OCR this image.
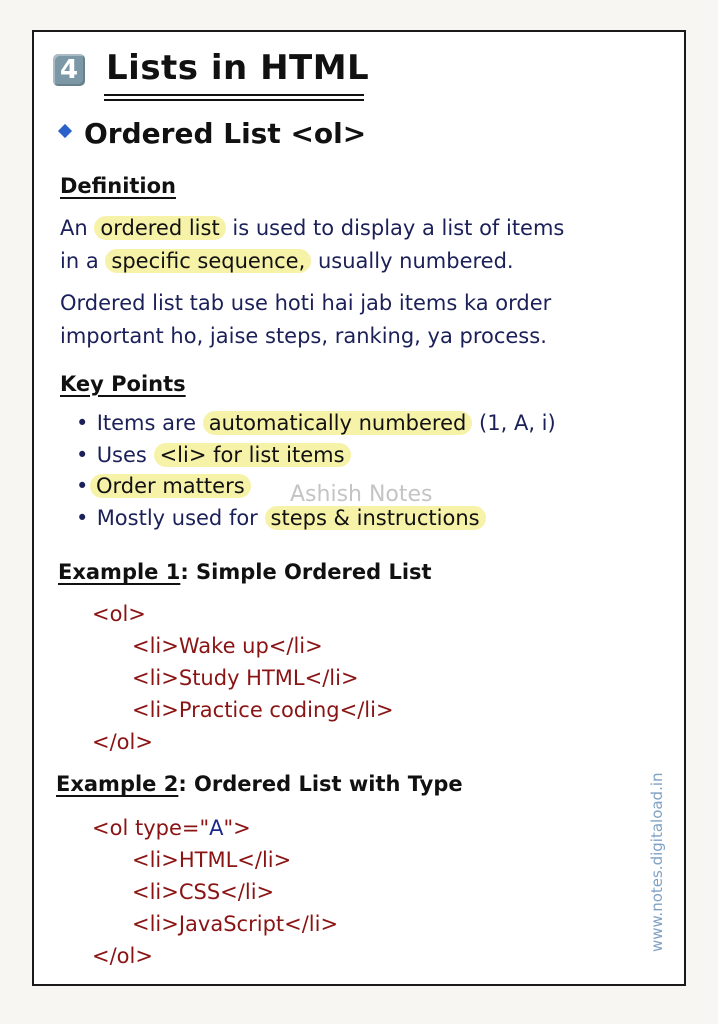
4 Lists in HTML
Ordered List <ol>
Definition
An ordered list is used to display a list of items
in a specific sequence, usually numbered.
Ordered list tab use hoti hai jab items ka order
important ho, jaise steps, ranking, ya process.
Key Points
• Items are automatically numbered (1, A, i)
• Uses <li> for list items
• Order matters
• Mostly used for steps & instructions
Ashish Notes
Example 1: Simple Ordered List
<ol>
<li>Wake up</li>
<li>Study HTML</li>
<li>Practice coding</li>
</ol>
Example 2: Ordered List with Type
<ol type="A">
<li>HTML</li>
<li>CSS</li>
<li>JavaScript</li>
</ol>
www.notes.digitaload.in
